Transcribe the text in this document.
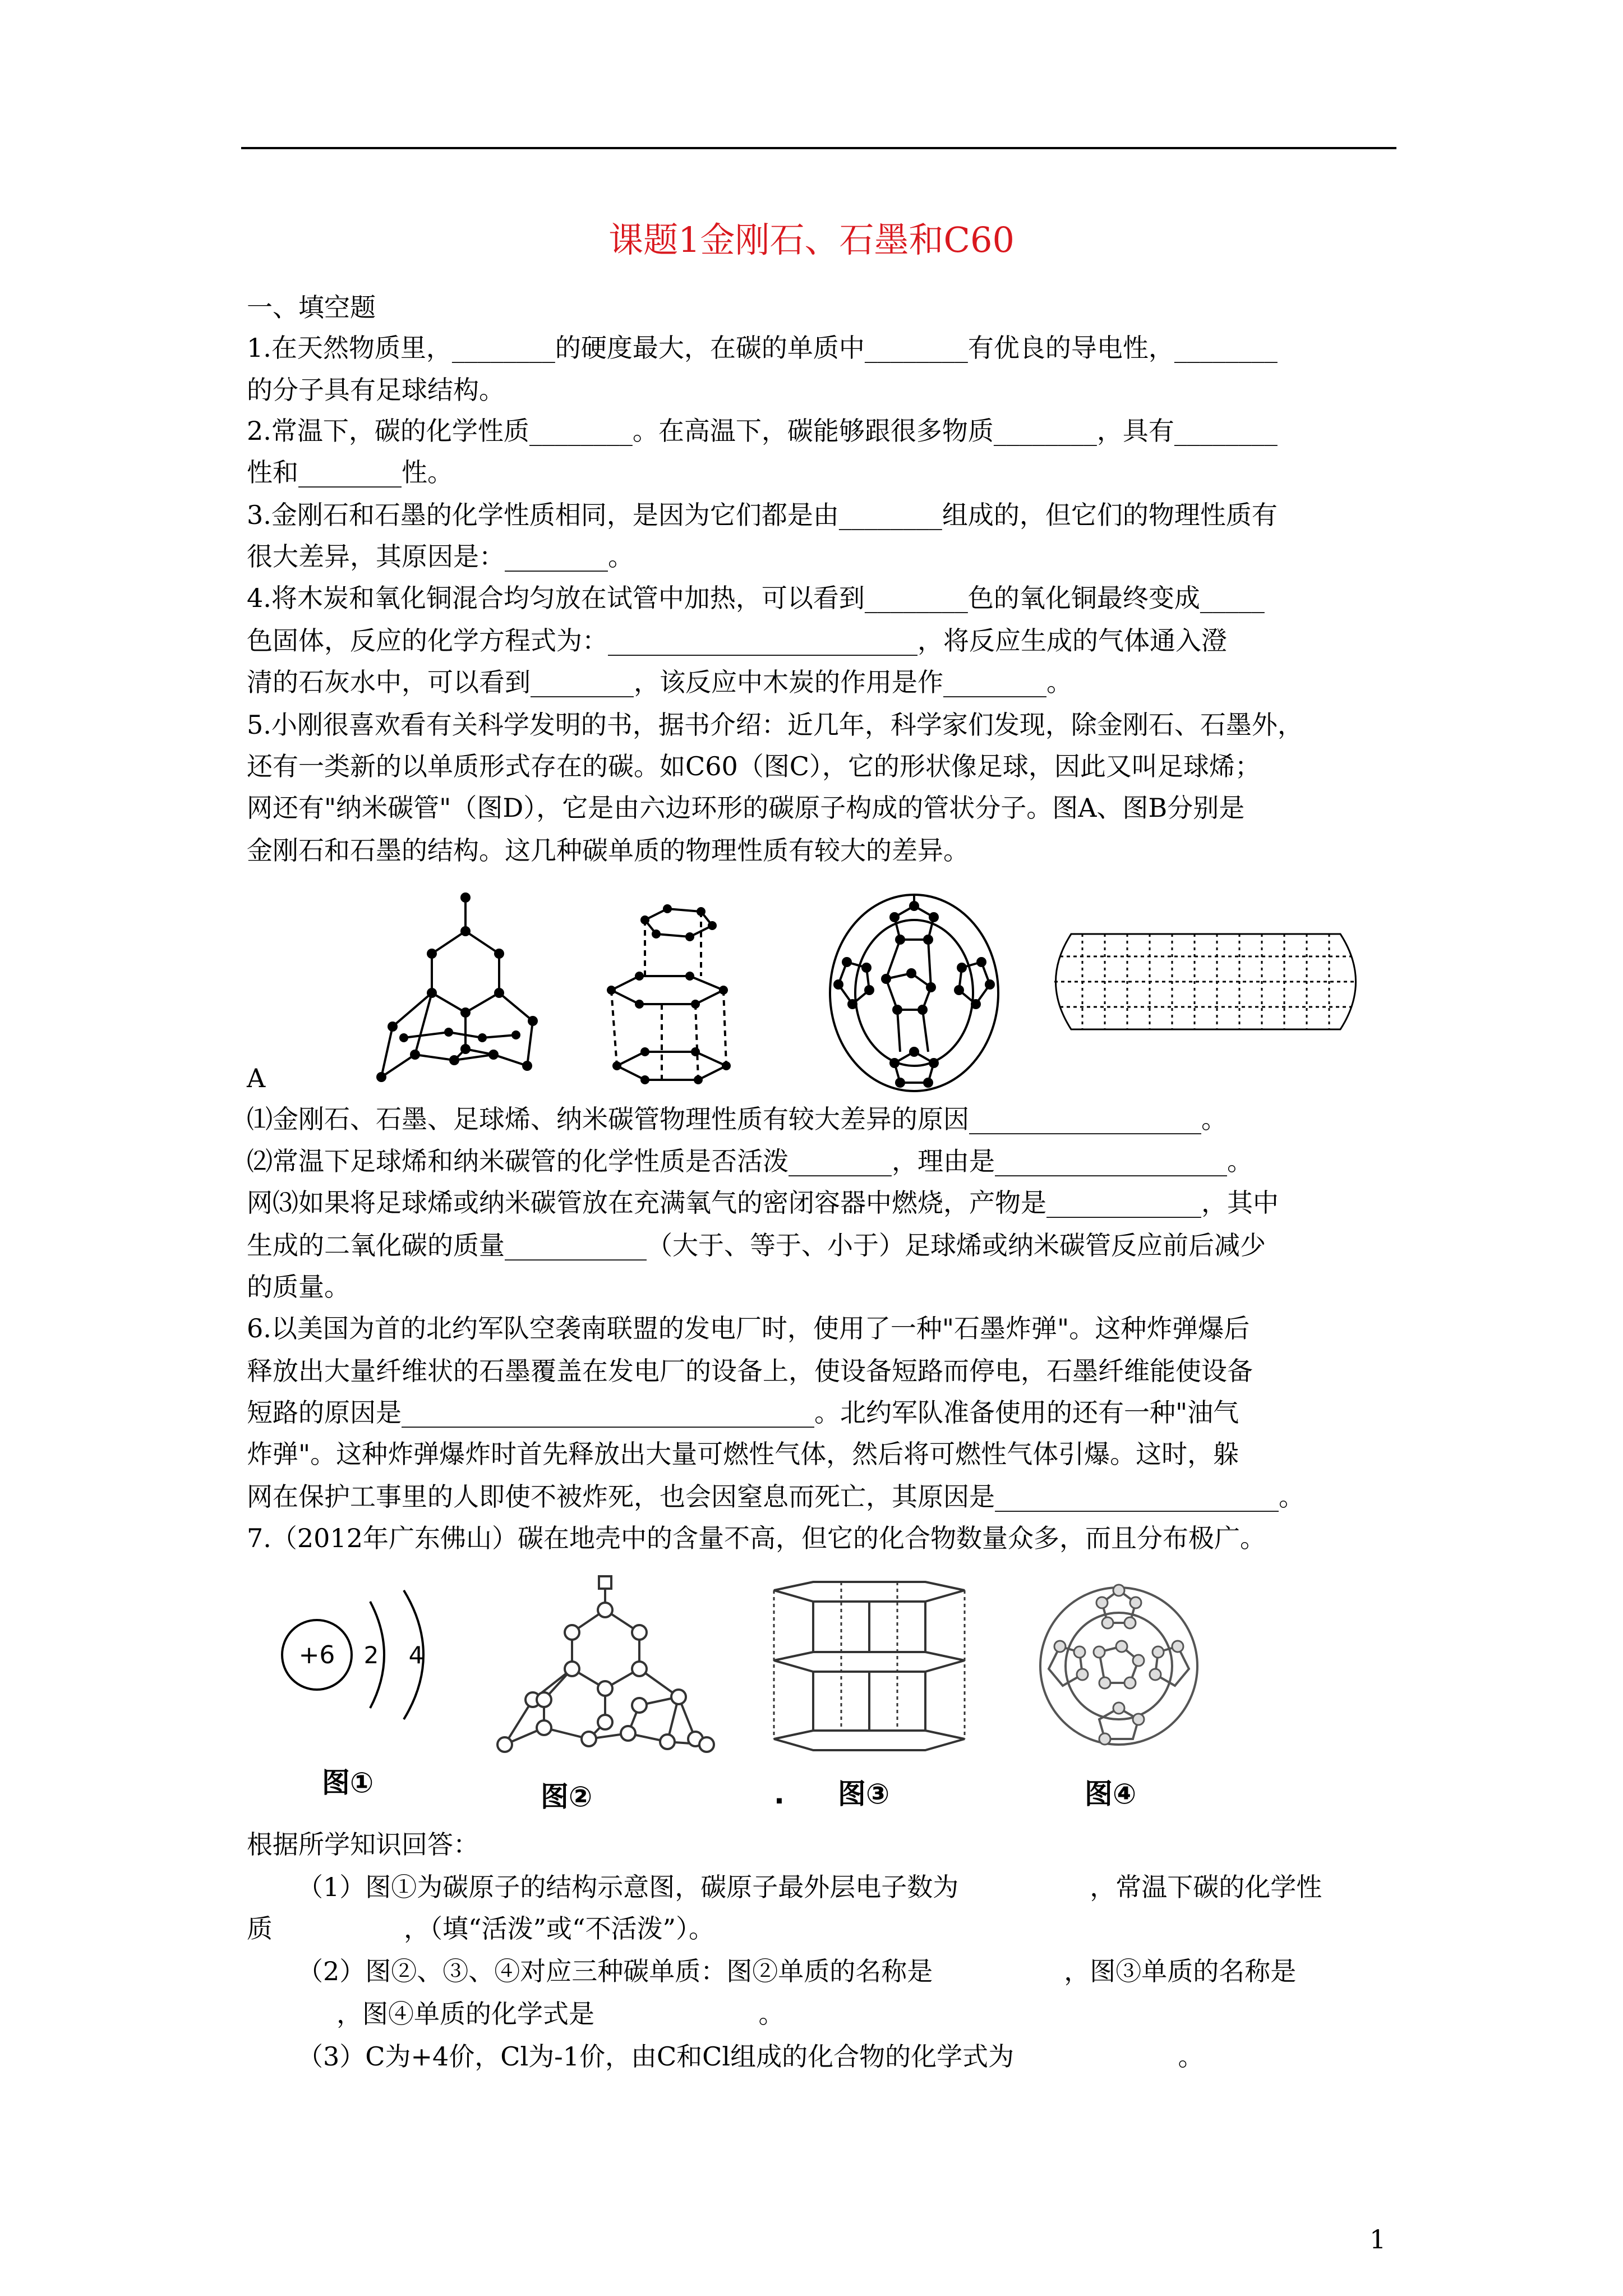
课题1金刚石、石墨和C60
一、填空题
1.在天然物质里，________的硬度最大，在碳的单质中________有优良的导电性，________
的分子具有足球结构。
2.常温下，碳的化学性质________。在高温下，碳能够跟很多物质________，具有________
性和________性。
3.金刚石和石墨的化学性质相同，是因为它们都是由________组成的，但它们的物理性质有
很大差异，其原因是：________。
4.将木炭和氧化铜混合均匀放在试管中加热，可以看到________色的氧化铜最终变成_____
色固体，反应的化学方程式为：________________________，将反应生成的气体通入澄
清的石灰水中，可以看到________，该反应中木炭的作用是作________。
5.小刚很喜欢看有关科学发明的书，据书介绍：近几年，科学家们发现，除金刚石、石墨外，
还有一类新的以单质形式存在的碳。如C60（图C），它的形状像足球，因此又叫足球烯；
网还有"纳米碳管"（图D），它是由六边环形的碳原子构成的管状分子。图A、图B分别是
金刚石和石墨的结构。这几种碳单质的物理性质有较大的差异。
A
⑴金刚石、石墨、足球烯、纳米碳管物理性质有较大差异的原因__________________。
⑵常温下足球烯和纳米碳管的化学性质是否活泼________，理由是__________________。
网⑶如果将足球烯或纳米碳管放在充满氧气的密闭容器中燃烧，产物是____________，其中
生成的二氧化碳的质量___________（大于、等于、小于）足球烯或纳米碳管反应前后减少
的质量。
6.以美国为首的北约军队空袭南联盟的发电厂时，使用了一种"石墨炸弹"。这种炸弹爆后
释放出大量纤维状的石墨覆盖在发电厂的设备上，使设备短路而停电，石墨纤维能使设备
短路的原因是________________________________。北约军队准备使用的还有一种"油气
炸弹"。这种炸弹爆炸时首先释放出大量可燃性气体，然后将可燃性气体引爆。这时，躲
网在保护工事里的人即使不被炸死，也会因窒息而死亡，其原因是______________________。
7.（2012年广东佛山）碳在地壳中的含量不高，但它的化合物数量众多，而且分布极广。
+6 2 4
图①	图②	. 图③	图④
根据所学知识回答：
（1）图①为碳原子的结构示意图，碳原子最外层电子数为                ，常温下碳的化学性
质                ，（填“活泼”或“不活泼”）。
（2）图②、③、④对应三种碳单质：图②单质的名称是                ，图③单质的名称是
，图④单质的化学式是                    。
（3）C为+4价，Cl为-1价，由C和Cl组成的化合物的化学式为                    。
1
